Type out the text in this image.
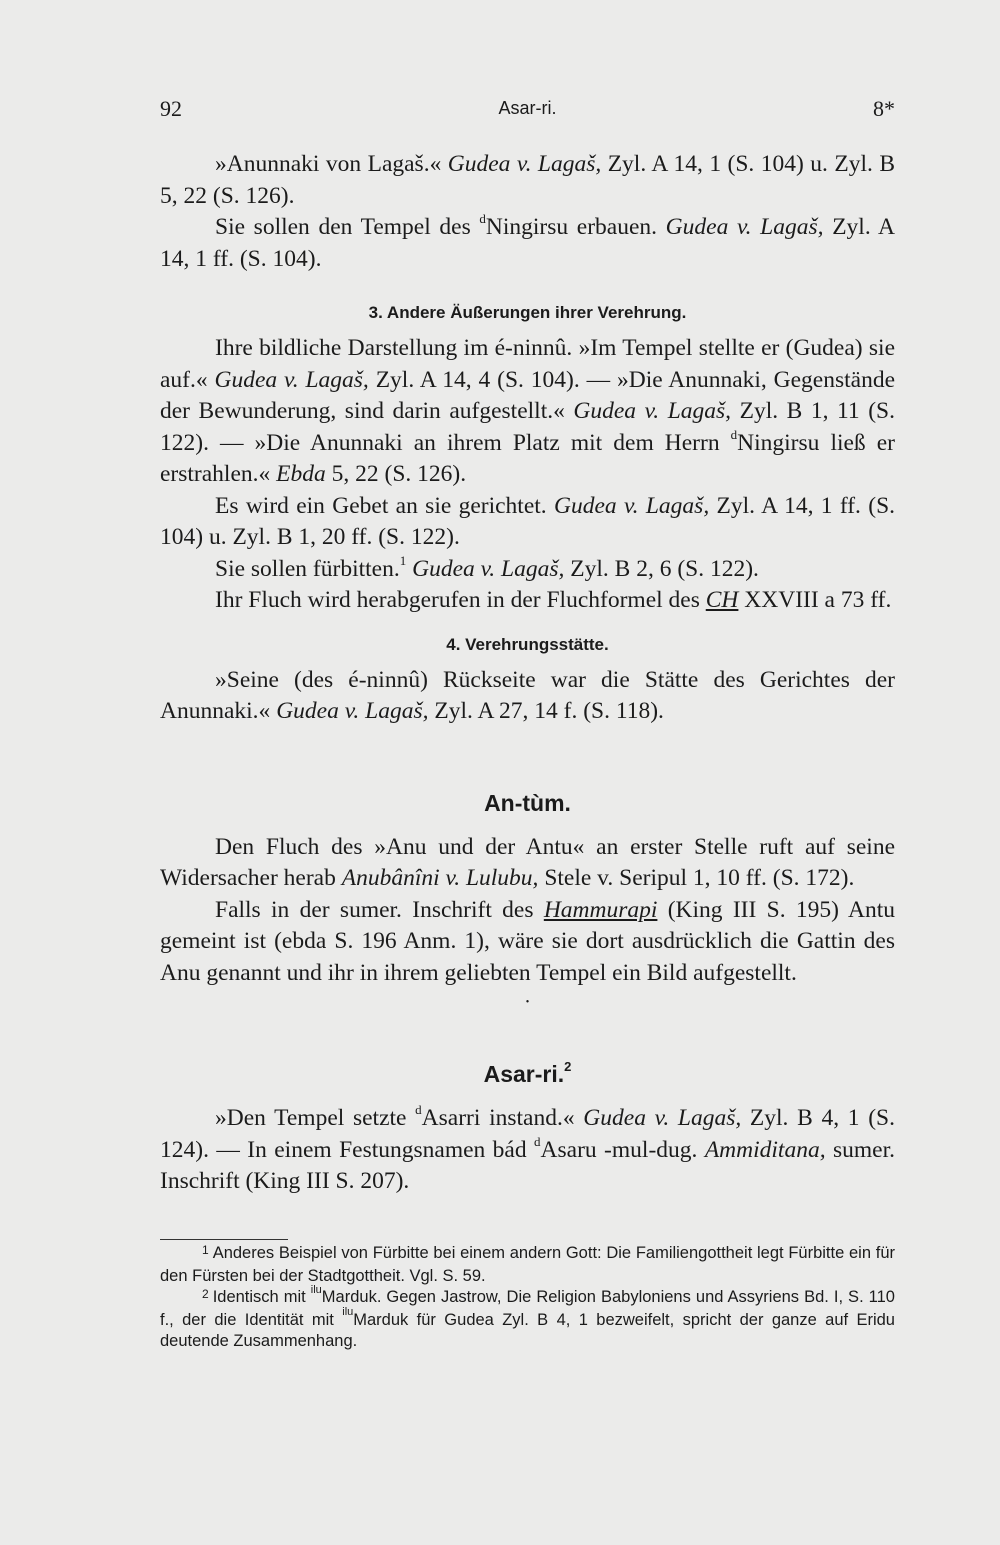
92	Asar-ri.	8*

»Anunnaki von Lagaš.« Gudea v. Lagaš, Zyl. A 14, 1 (S. 104) u. Zyl. B 5, 22 (S. 126).

Sie sollen den Tempel des $^d$Ningirsu erbauen. Gudea v. Lagaš, Zyl. A 14, 1 ff. (S. 104).

3. Andere Äußerungen ihrer Verehrung.

Ihre bildliche Darstellung im é-ninnû. »Im Tempel stellte er (Gudea) sie auf.« Gudea v. Lagaš, Zyl. A 14, 4 (S. 104). — »Die Anunnaki, Gegenstände der Bewunderung, sind darin aufgestellt.« Gudea v. Lagaš, Zyl. B 1, 11 (S. 122). — »Die Anunnaki an ihrem Platz mit dem Herrn $^d$Ningirsu ließ er erstrahlen.« Ebda 5, 22 (S. 126).

Es wird ein Gebet an sie gerichtet. Gudea v. Lagaš, Zyl. A 14, 1 ff. (S. 104) u. Zyl. B 1, 20 ff. (S. 122).

Sie sollen fürbitten.$^1$ Gudea v. Lagaš, Zyl. B 2, 6 (S. 122).

Ihr Fluch wird herabgerufen in der Fluchformel des CH XXVIII a 73 ff.

4. Verehrungsstätte.

»Seine (des é-ninnû) Rückseite war die Stätte des Gerichtes der Anunnaki.« Gudea v. Lagaš, Zyl. A 27, 14 f. (S. 118).

An-tùm.

Den Fluch des »Anu und der Antu« an erster Stelle ruft auf seine Widersacher herab Anubânîni v. Lulubu, Stele v. Seripul 1, 10 ff. (S. 172).

Falls in der sumer. Inschrift des Hammurapi (King III S. 195) Antu gemeint ist (ebda S. 196 Anm. 1), wäre sie dort ausdrücklich die Gattin des Anu genannt und ihr in ihrem geliebten Tempel ein Bild aufgestellt.

•
Asar-ri.$^2$

»Den Tempel setzte $^d$Asarri instand.« Gudea v. Lagaš, Zyl. B 4, 1 (S. 124). — In einem Festungsnamen bád $^d$Asaru -mul-dug. Ammiditana, sumer. Inschrift (King III S. 207).

$^1$ Anderes Beispiel von Fürbitte bei einem andern Gott: Die Familiengottheit legt Fürbitte ein für den Fürsten bei der Stadtgottheit. Vgl. S. 59.

$^2$ Identisch mit $^{ilu}$Marduk. Gegen Jastrow, Die Religion Babyloniens und Assyriens Bd. I, S. 110 f., der die Identität mit $^{ilu}$Marduk für Gudea Zyl. B 4, 1 bezweifelt, spricht der ganze auf Eridu deutende Zusammenhang.
